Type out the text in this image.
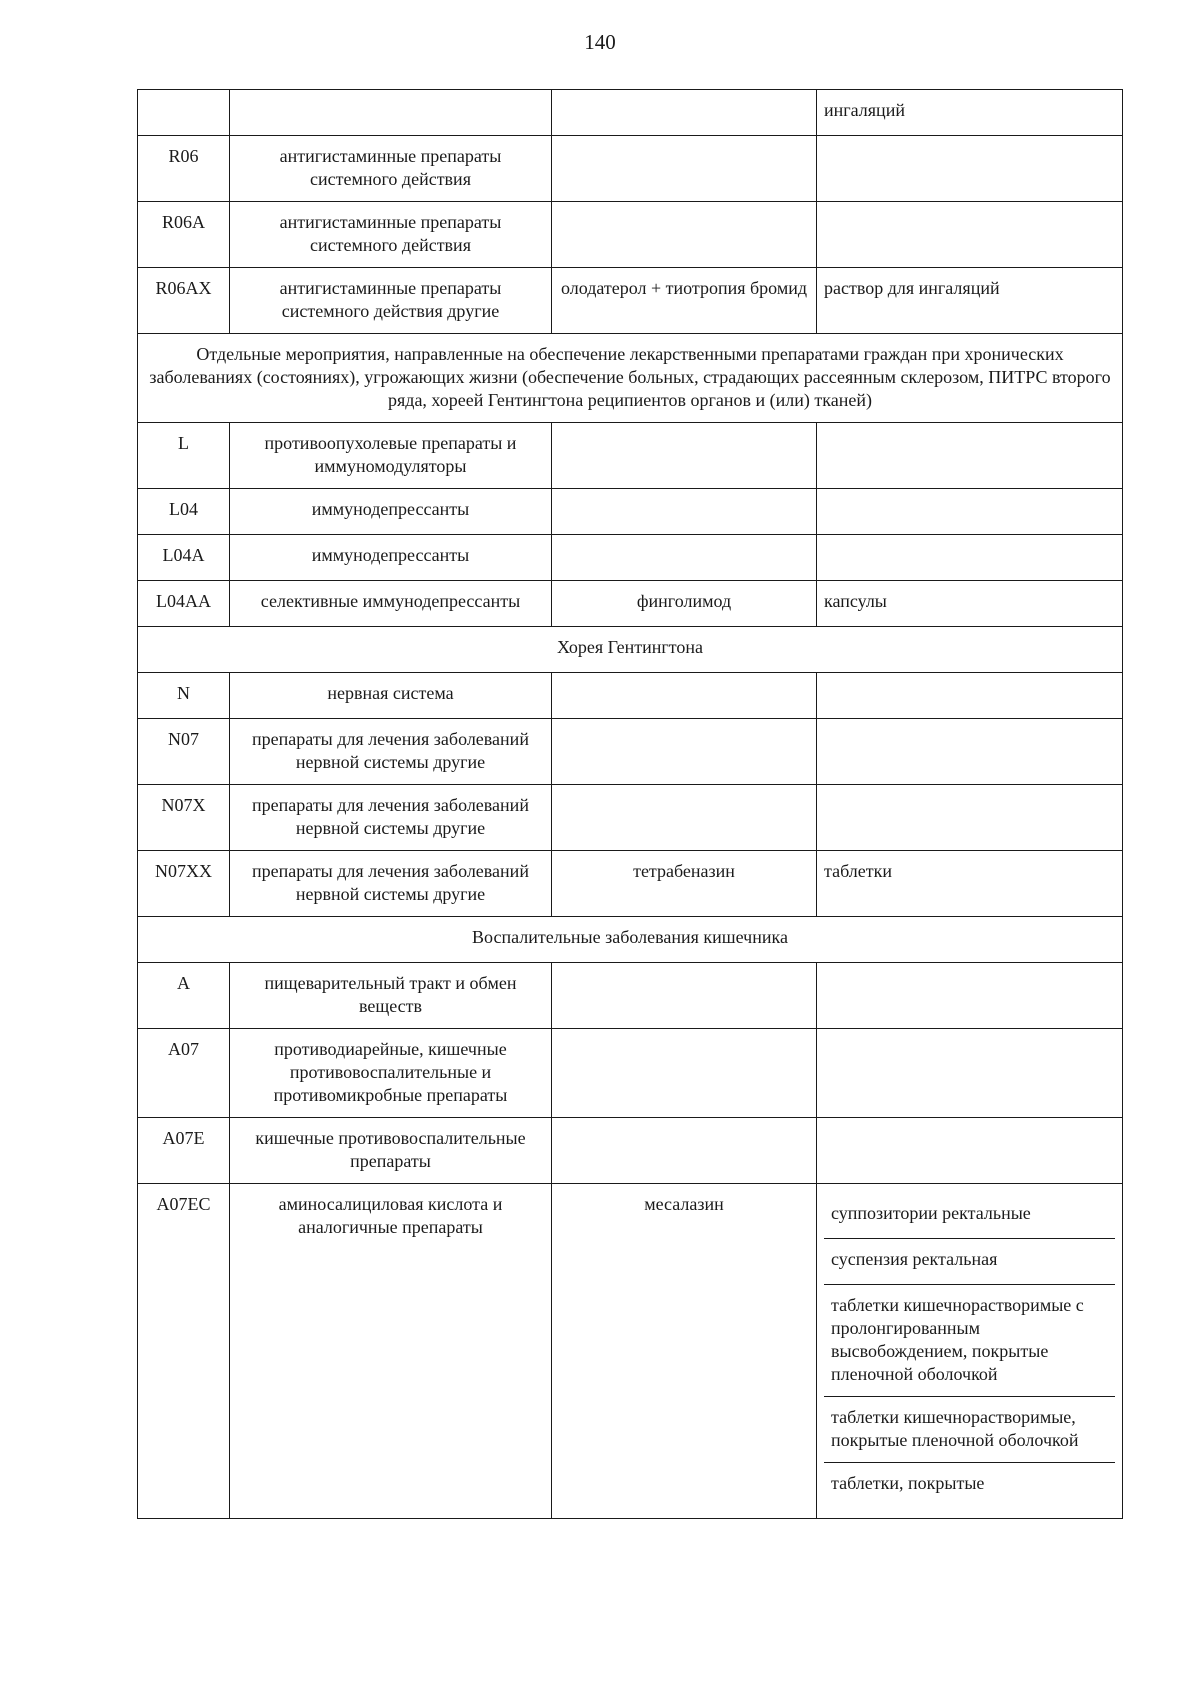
140
			ингаляций
R06	антигистаминные препараты системного действия		
R06A	антигистаминные препараты системного действия		
R06AX	антигистаминные препараты системного действия другие	олодатерол + тиотропия бромид	раствор для ингаляций
Отдельные мероприятия, направленные на обеспечение лекарственными препаратами граждан при хронических заболеваниях (состояниях), угрожающих жизни (обеспечение больных, страдающих рассеянным склерозом, ПИТРС второго ряда, хореей Гентингтона реципиентов органов и (или) тканей)			
L	противоопухолевые препараты и иммуномодуляторы		
L04	иммунодепрессанты		
L04A	иммунодепрессанты		
L04AA	селективные иммунодепрессанты	финголимод	капсулы
Хорея Гентингтона			
N	нервная система		
N07	препараты для лечения заболеваний нервной системы другие		
N07X	препараты для лечения заболеваний нервной системы другие		
N07XX	препараты для лечения заболеваний нервной системы другие	тетрабеназин	таблетки
Воспалительные заболевания кишечника			
A	пищеварительный тракт и обмен веществ		
A07	противодиарейные, кишечные противовоспалительные и противомикробные препараты		
A07E	кишечные противовоспалительные препараты		
A07EC	аминосалициловая кислота и аналогичные препараты	месалазин	суппозитории ректальные
суспензия ректальная
таблетки кишечнорастворимые с пролонгированным высвобождением, покрытые пленочной оболочкой
таблетки кишечнорастворимые, покрытые пленочной оболочкой
таблетки, покрытые
